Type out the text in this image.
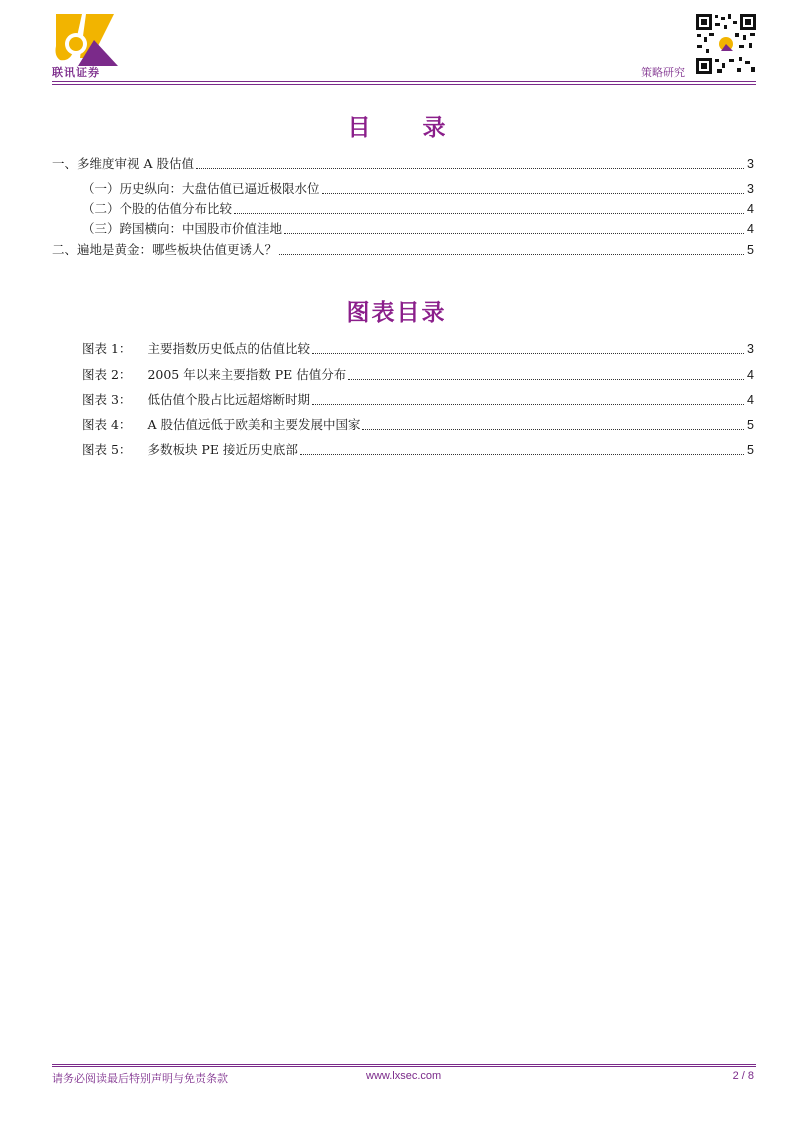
联讯证券	策略研究
目 录
一、多维度审视 A 股估值	3
（一）历史纵向：大盘估值已逼近极限水位	3
（二）个股的估值分布比较	4
（三）跨国横向：中国股市价值洼地	4
二、遍地是黄金：哪些板块估值更诱人？	5
图表目录
图表 1： 主要指数历史低点的估值比较	3
图表 2： 2005 年以来主要指数 PE 估值分布	4
图表 3： 低估值个股占比远超熔断时期	4
图表 4： A 股估值远低于欧美和主要发展中国家	5
图表 5： 多数板块 PE 接近历史底部	5
请务必阅读最后特别声明与免责条款	www.lxsec.com	2 / 8
